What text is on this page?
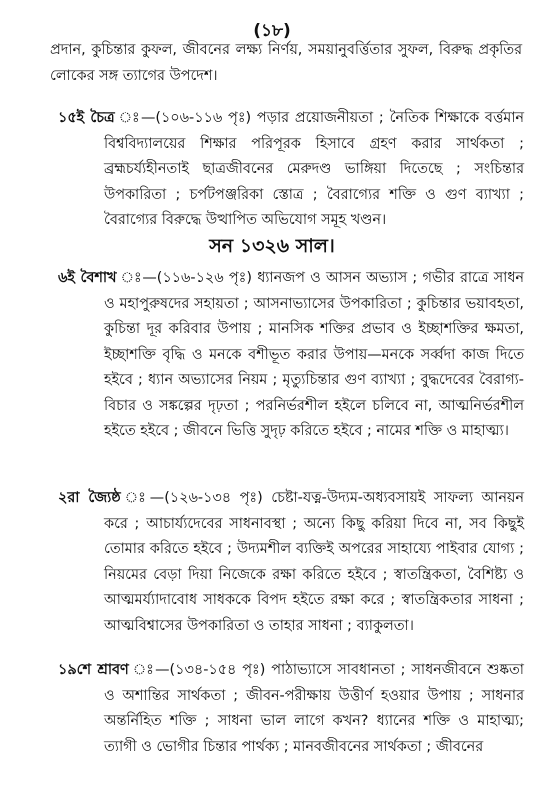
(১৮)

প্রদান, কুচিন্তার কুফল, জীবনের লক্ষ্য নির্ণয়, সময়ানুবর্ত্তিতার সুফল, বিরুদ্ধ প্রকৃতির লোকের সঙ্গ ত্যাগের উপদেশ।

১৫ই চৈত্র ঃ—(১০৬-১১৬ পৃঃ) পড়ার প্রয়োজনীয়তা ; নৈতিক শিক্ষাকে বর্ত্তমান বিশ্ববিদ্যালয়ের শিক্ষার পরিপূরক হিসাবে গ্রহণ করার সার্থকতা ; ব্রহ্মচর্য্যহীনতাই ছাত্রজীবনের মেরুদণ্ড ভাঙ্গিয়া দিতেছে ; সংচিন্তার উপকারিতা ; চর্পটপঞ্জরিকা স্তোত্র ; বৈরাগ্যের শক্তি ও গুণ ব্যাখ্যা ; বৈরাগ্যের বিরুদ্ধে উত্থাপিত অভিযোগ সমূহ খণ্ডন।

সন ১৩২৬ সাল।

৬ই বৈশাখ ঃ—(১১৬-১২৬ পৃঃ) ধ্যানজপ ও আসন অভ্যাস ; গভীর রাত্রে সাধন ও মহাপুরুষদের সহায়তা ; আসনাভ্যাসের উপকারিতা ; কুচিন্তার ভয়াবহতা, কুচিন্তা দূর করিবার উপায় ; মানসিক শক্তির প্রভাব ও ইচ্ছাশক্তির ক্ষমতা, ইচ্ছাশক্তি বৃদ্ধি ও মনকে বশীভূত করার উপায়—মনকে সর্ব্বদা কাজ দিতে হইবে ; ধ্যান অভ্যাসের নিয়ম ; মৃত্যুচিন্তার গুণ ব্যাখ্যা ; বুদ্ধদেবের বৈরাগ্য-বিচার ও সঙ্কল্পের দৃঢ়তা ; পরনির্ভরশীল হইলে চলিবে না, আত্মনির্ভরশীল হইতে হইবে ; জীবনে ভিত্তি সুদৃঢ় করিতে হইবে ; নামের শক্তি ও মাহাত্ম্য।

২রা জ্যৈষ্ঠ ঃ—(১২৬-১৩৪ পৃঃ) চেষ্টা-যত্ন-উদ্যম-অধ্যবসায়ই সাফল্য আনয়ন করে ; আচার্য্যদেবের সাধনাবস্থা ; অন্যে কিছু করিয়া দিবে না, সব কিছুই তোমার করিতে হইবে ; উদ্যমশীল ব্যক্তিই অপরের সাহায্যে পাইবার যোগ্য ; নিয়মের বেড়া দিয়া নিজেকে রক্ষা করিতে হইবে ; স্বাতন্ত্রিকতা, বৈশিষ্ট্য ও আত্মমর্য্যাদাবোধ সাধককে বিপদ হইতে রক্ষা করে ; স্বাতন্ত্রিকতার সাধনা ; আত্মবিশ্বাসের উপকারিতা ও তাহার সাধনা ; ব্যাকুলতা।

১৯শে শ্রাবণ ঃ—(১৩৪-১৫৪ পৃঃ) পাঠাভ্যাসে সাবধানতা ; সাধনজীবনে শুষ্কতা ও অশান্তির সার্থকতা ; জীবন-পরীক্ষায় উত্তীর্ণ হওয়ার উপায় ; সাধনার অন্তর্নিহিত শক্তি ; সাধনা ভাল লাগে কখন? ধ্যানের শক্তি ও মাহাত্ম্য; ত্যাগী ও ভোগীর চিন্তার পার্থক্য ; মানবজীবনের সার্থকতা ; জীবনের
